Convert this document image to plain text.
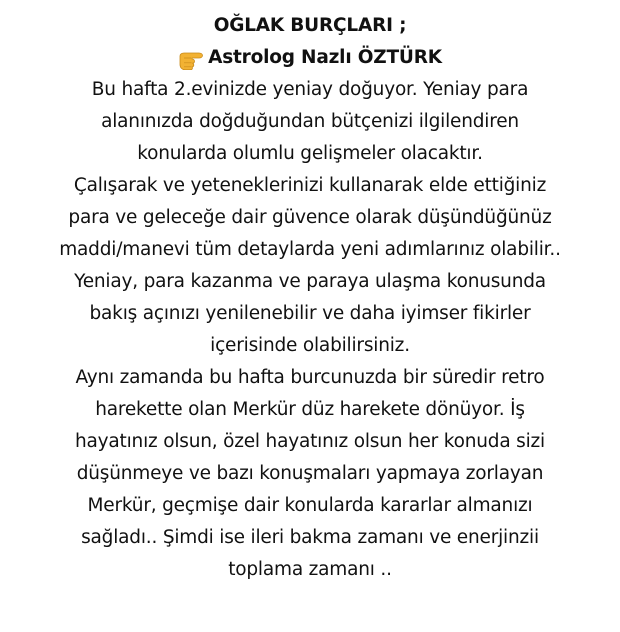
OĞLAK BURÇLARI ;
Astrolog Nazlı ÖZTÜRK
Bu hafta 2.evinizde yeniay doğuyor. Yeniay para
alanınızda doğduğundan bütçenizi ilgilendiren
konularda olumlu gelişmeler olacaktır.
Çalışarak ve yeteneklerinizi kullanarak elde ettiğiniz
para ve geleceğe dair güvence olarak düşündüğünüz
maddi/manevi tüm detaylarda yeni adımlarınız olabilir..
Yeniay, para kazanma ve paraya ulaşma konusunda
bakış açınızı yenilenebilir ve daha iyimser fikirler
içerisinde olabilirsiniz.
Aynı zamanda bu hafta burcunuzda bir süredir retro
harekette olan Merkür düz harekete dönüyor. İş
hayatınız olsun, özel hayatınız olsun her konuda sizi
düşünmeye ve bazı konuşmaları yapmaya zorlayan
Merkür, geçmişe dair konularda kararlar almanızı
sağladı.. Şimdi ise ileri bakma zamanı ve enerjinzii
toplama zamanı ..
